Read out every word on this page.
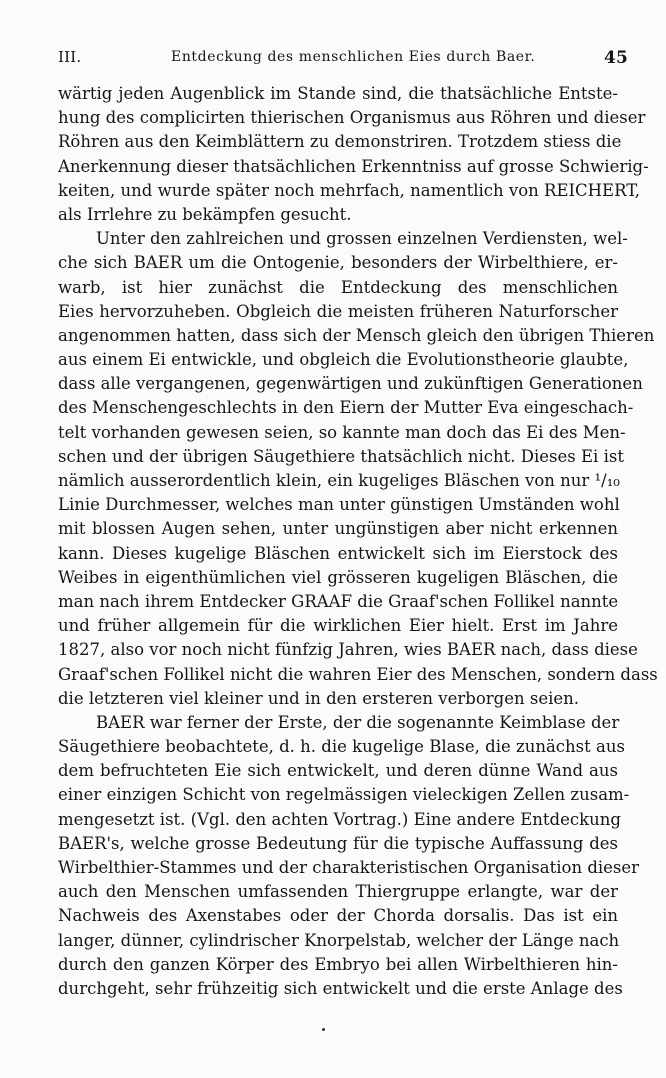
III.	Entdeckung des menschlichen Eies durch Baer.	45
wärtig jeden Augenblick im Stande sind, die thatsächliche Entste-
hung des complicirten thierischen Organismus aus Röhren und dieser
Röhren aus den Keimblättern zu demonstriren. Trotzdem stiess die
Anerkennung dieser thatsächlichen Erkenntniss auf grosse Schwierig-
keiten, und wurde später noch mehrfach, namentlich von REICHERT,
als Irrlehre zu bekämpfen gesucht.
Unter den zahlreichen und grossen einzelnen Verdiensten, wel-
che sich BAER um die Ontogenie, besonders der Wirbelthiere, er-
warb, ist hier zunächst die Entdeckung des menschlichen
Eies hervorzuheben. Obgleich die meisten früheren Naturforscher
angenommen hatten, dass sich der Mensch gleich den übrigen Thieren
aus einem Ei entwickle, und obgleich die Evolutionstheorie glaubte,
dass alle vergangenen, gegenwärtigen und zukünftigen Generationen
des Menschengeschlechts in den Eiern der Mutter Eva eingeschach-
telt vorhanden gewesen seien, so kannte man doch das Ei des Men-
schen und der übrigen Säugethiere thatsächlich nicht. Dieses Ei ist
nämlich ausserordentlich klein, ein kugeliges Bläschen von nur ¹/₁₀
Linie Durchmesser, welches man unter günstigen Umständen wohl
mit blossen Augen sehen, unter ungünstigen aber nicht erkennen
kann. Dieses kugelige Bläschen entwickelt sich im Eierstock des
Weibes in eigenthümlichen viel grösseren kugeligen Bläschen, die
man nach ihrem Entdecker GRAAF die Graaf'schen Follikel nannte
und früher allgemein für die wirklichen Eier hielt. Erst im Jahre
1827, also vor noch nicht fünfzig Jahren, wies BAER nach, dass diese
Graaf'schen Follikel nicht die wahren Eier des Menschen, sondern dass
die letzteren viel kleiner und in den ersteren verborgen seien.
BAER war ferner der Erste, der die sogenannte Keimblase der
Säugethiere beobachtete, d. h. die kugelige Blase, die zunächst aus
dem befruchteten Eie sich entwickelt, und deren dünne Wand aus
einer einzigen Schicht von regelmässigen vieleckigen Zellen zusam-
mengesetzt ist. (Vgl. den achten Vortrag.) Eine andere Entdeckung
BAER's, welche grosse Bedeutung für die typische Auffassung des
Wirbelthier-Stammes und der charakteristischen Organisation dieser
auch den Menschen umfassenden Thiergruppe erlangte, war der
Nachweis des Axenstabes oder der Chorda dorsalis. Das ist ein
langer, dünner, cylindrischer Knorpelstab, welcher der Länge nach
durch den ganzen Körper des Embryo bei allen Wirbelthieren hin-
durchgeht, sehr frühzeitig sich entwickelt und die erste Anlage des
